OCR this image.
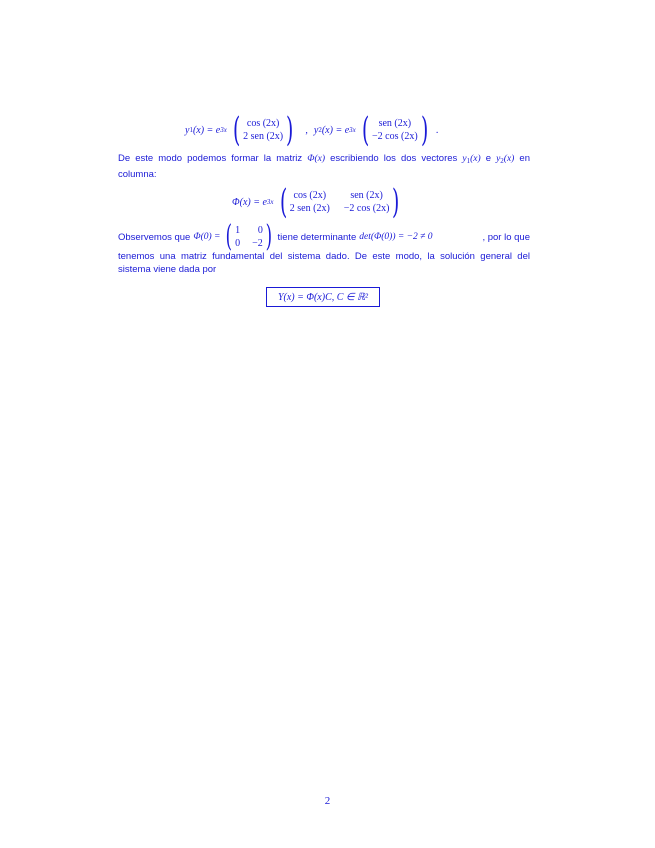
y 1 (x) = e 3x ( cos (2x)
2 sen (2x) ) , y 2 (x) = e 3x ( sen (2x)
−2 cos (2x) ) .
De este modo podemos formar la matriz Φ(x) escribiendo los dos vectores $y_1(x)$ e $y_2(x)$ en columna:
Φ(x) = e 3x ( cos (2x)	sen (2x)
2 sen (2x) −2 cos (2x) )
Observemos que Φ(0) = ( 1	0
0 −2 ) tiene determinante det(Φ(0)) = −2 ≠ 0	, por lo que
tenemos una matriz fundamental del sistema dado. De este modo, la solución general del
sistema viene dada por
Y(x) = Φ(x)C, C ∈ ℝ²
2
